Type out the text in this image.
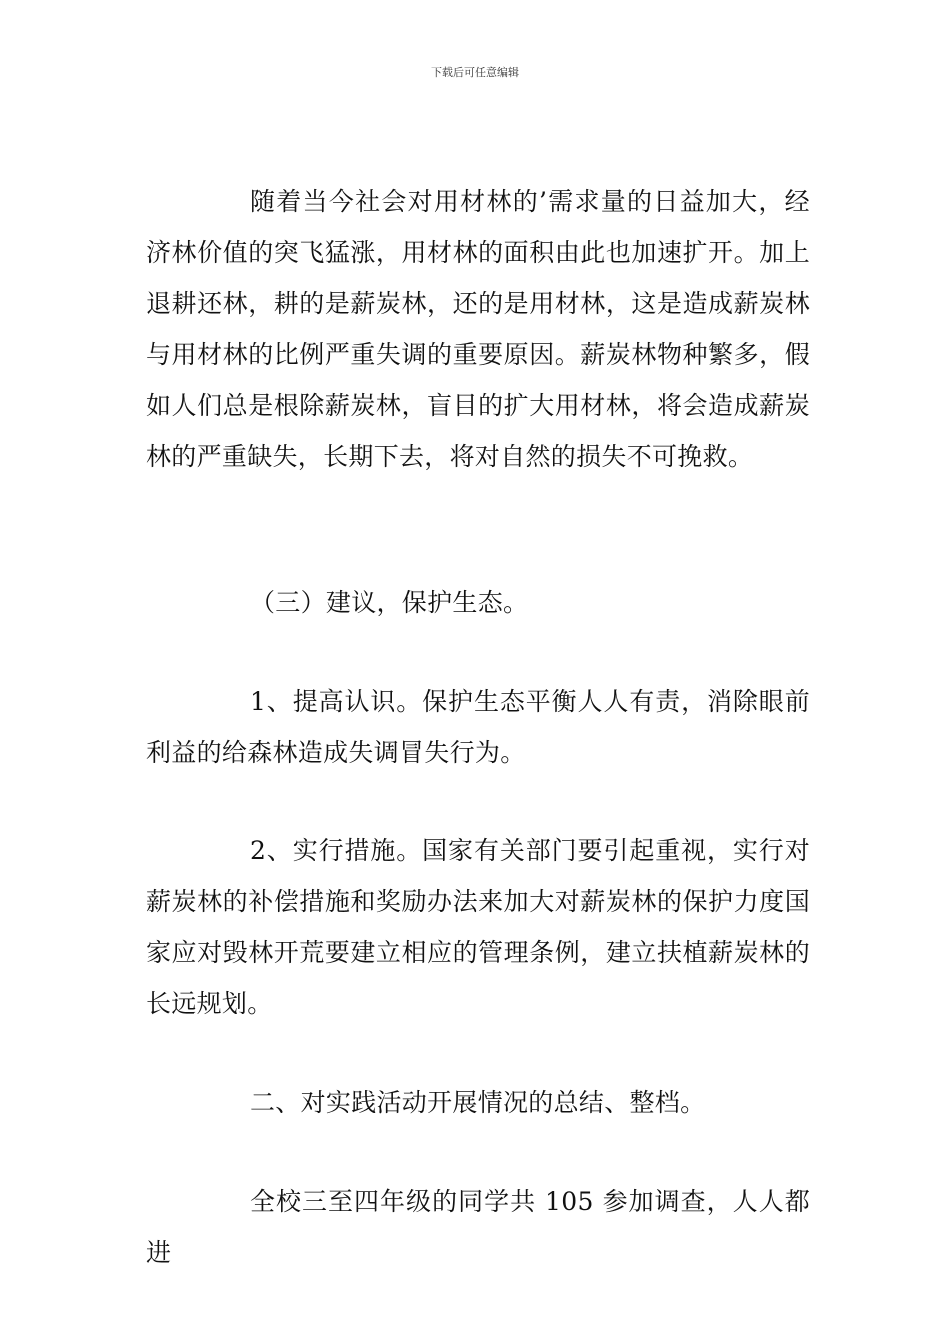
下载后可任意编辑

随着当今社会对用材林的’需求量的日益加大，经济林价值的突飞猛涨，用材林的面积由此也加速扩开。加上退耕还林，耕的是薪炭林，还的是用材林，这是造成薪炭林与用材林的比例严重失调的重要原因。薪炭林物种繁多，假如人们总是根除薪炭林，盲目的扩大用材林，将会造成薪炭林的严重缺失，长期下去，将对自然的损失不可挽救。

（三）建议，保护生态。

1、提高认识。保护生态平衡人人有责，消除眼前利益的给森林造成失调冒失行为。

2、实行措施。国家有关部门要引起重视，实行对薪炭林的补偿措施和奖励办法来加大对薪炭林的保护力度国家应对毁林开荒要建立相应的管理条例，建立扶植薪炭林的长远规划。

二、对实践活动开展情况的总结、整档。

全校三至四年级的同学共 105 参加调查，人人都进
